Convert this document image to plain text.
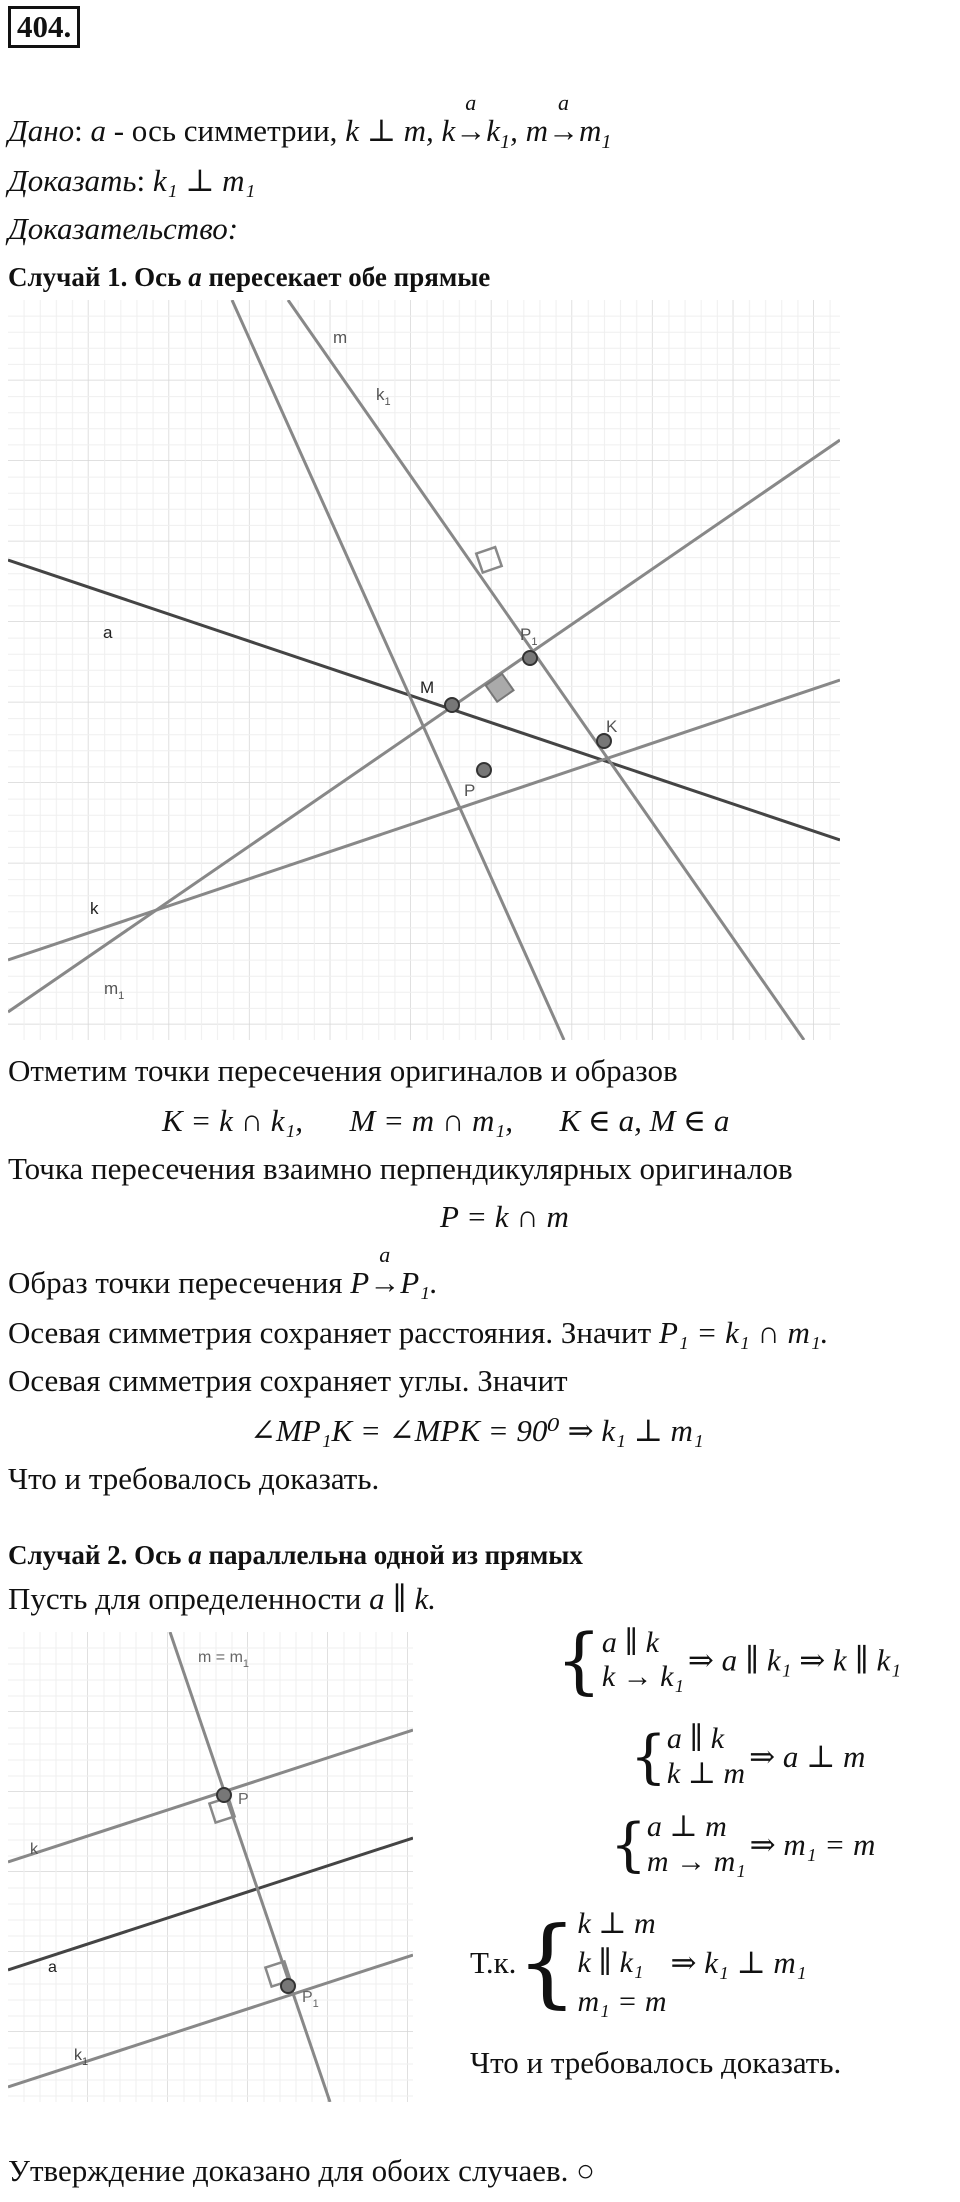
404.
Дано: a - ось симметрии, k ⊥ m, k
a
$\to k_1$, m
a
$\to m_1$
Доказать: k₁ ⊥ m₁
Доказательство:
Случай 1. Ось a пересекает обе прямые
a
m
$k_1$
$P_1$
M
K
P
k
$m_1$
Отметим точки пересечения оригиналов и образов
K = k ∩ k₁,      M = m ∩ m₁,      K ∈ a, M ∈ a
Точка пересечения взаимно перпендикулярных оригиналов
P = k ∩ m
Образ точки пересечения P
a
→P₁.
Осевая симметрия сохраняет расстояния. Значит P₁ = k₁ ∩ m₁.
Осевая симметрия сохраняет углы. Значит
∠MP₁K = ∠MPK = 90⁰ ⇒ k₁ ⊥ m₁
Что и требовалось доказать.
Случай 2. Ось a параллельна одной из прямых
Пусть для определенности a ∥ k.
$m = m_1$
P
k
a
$P_1$
$k_1$
{a ∥ k
k → k₁ ⇒ a ∥ k₁ ⇒ k ∥ k₁
{a ∥ k
k ⊥ m ⇒ a ⊥ m
{a ⊥ m
m → m₁ ⇒ m₁ = m
Т.к.{k ⊥ m
k ∥ k₁
m₁ = m ⇒ k₁ ⊥ m₁
Что и требовалось доказать.
Утверждение доказано для обоих случаев. ○
